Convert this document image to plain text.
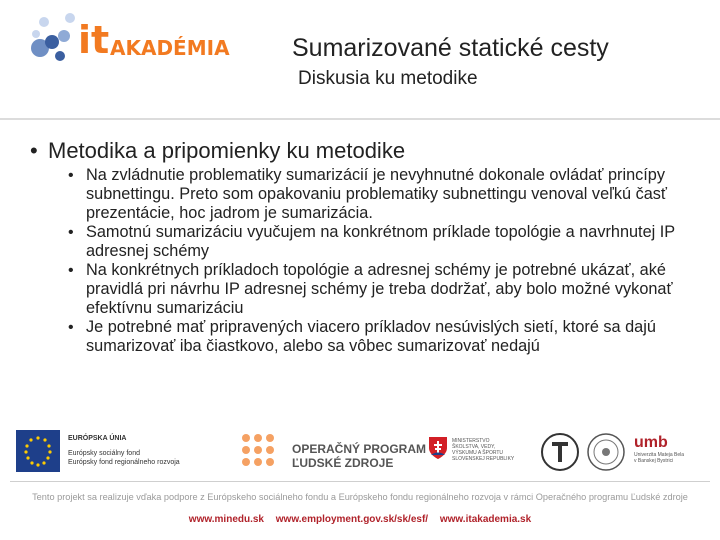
it AKADÉMIA Sumarizované statické cesty
Diskusia ku metodike
• Metodika a pripomienky ku metodike
• Na zvládnutie problematiky sumarizácií je nevyhnutné dokonale ovládať princípy subnettingu. Preto som opakovaniu problematiky subnettingu venoval veľkú časť prezentácie, hoc jadrom je sumarizácia.
• Samotnú sumarizáciu vyučujem na konkrétnom príklade topológie a navrhnutej IP adresnej schémy
• Na konkrétnych príkladoch topológie a adresnej schémy je potrebné ukázať, aké pravidlá pri návrhu IP adresnej schémy je treba dodržať, aby bolo možné vykonať efektívnu sumarizáciu
• Je potrebné mať pripravených viacero príkladov nesúvislých sietí, ktoré sa dajú sumarizovať iba čiastkovo, alebo sa vôbec sumarizovať nedajú
EURÓPSKA ÚNIA
Európsky sociálny fond
Európsky fond regionálneho rozvoja
OPERAČNÝ PROGRAM
ĽUDSKÉ ZDROJE
MINISTERSTVO
ŠKOLSTVA, VEDY,
VÝSKUMU A ŠPORTU
SLOVENSKEJ REPUBLIKY
umb
Univerzita Mateja Bela
v Banskej Bystrici
Tento projekt sa realizuje vďaka podpore z Európskeho sociálneho fondu a Európskeho fondu regionálneho rozvoja v rámci Operačného programu Ľudské zdroje
www.minedu.sk www.employment.gov.sk/sk/esf/ www.itakademia.sk
